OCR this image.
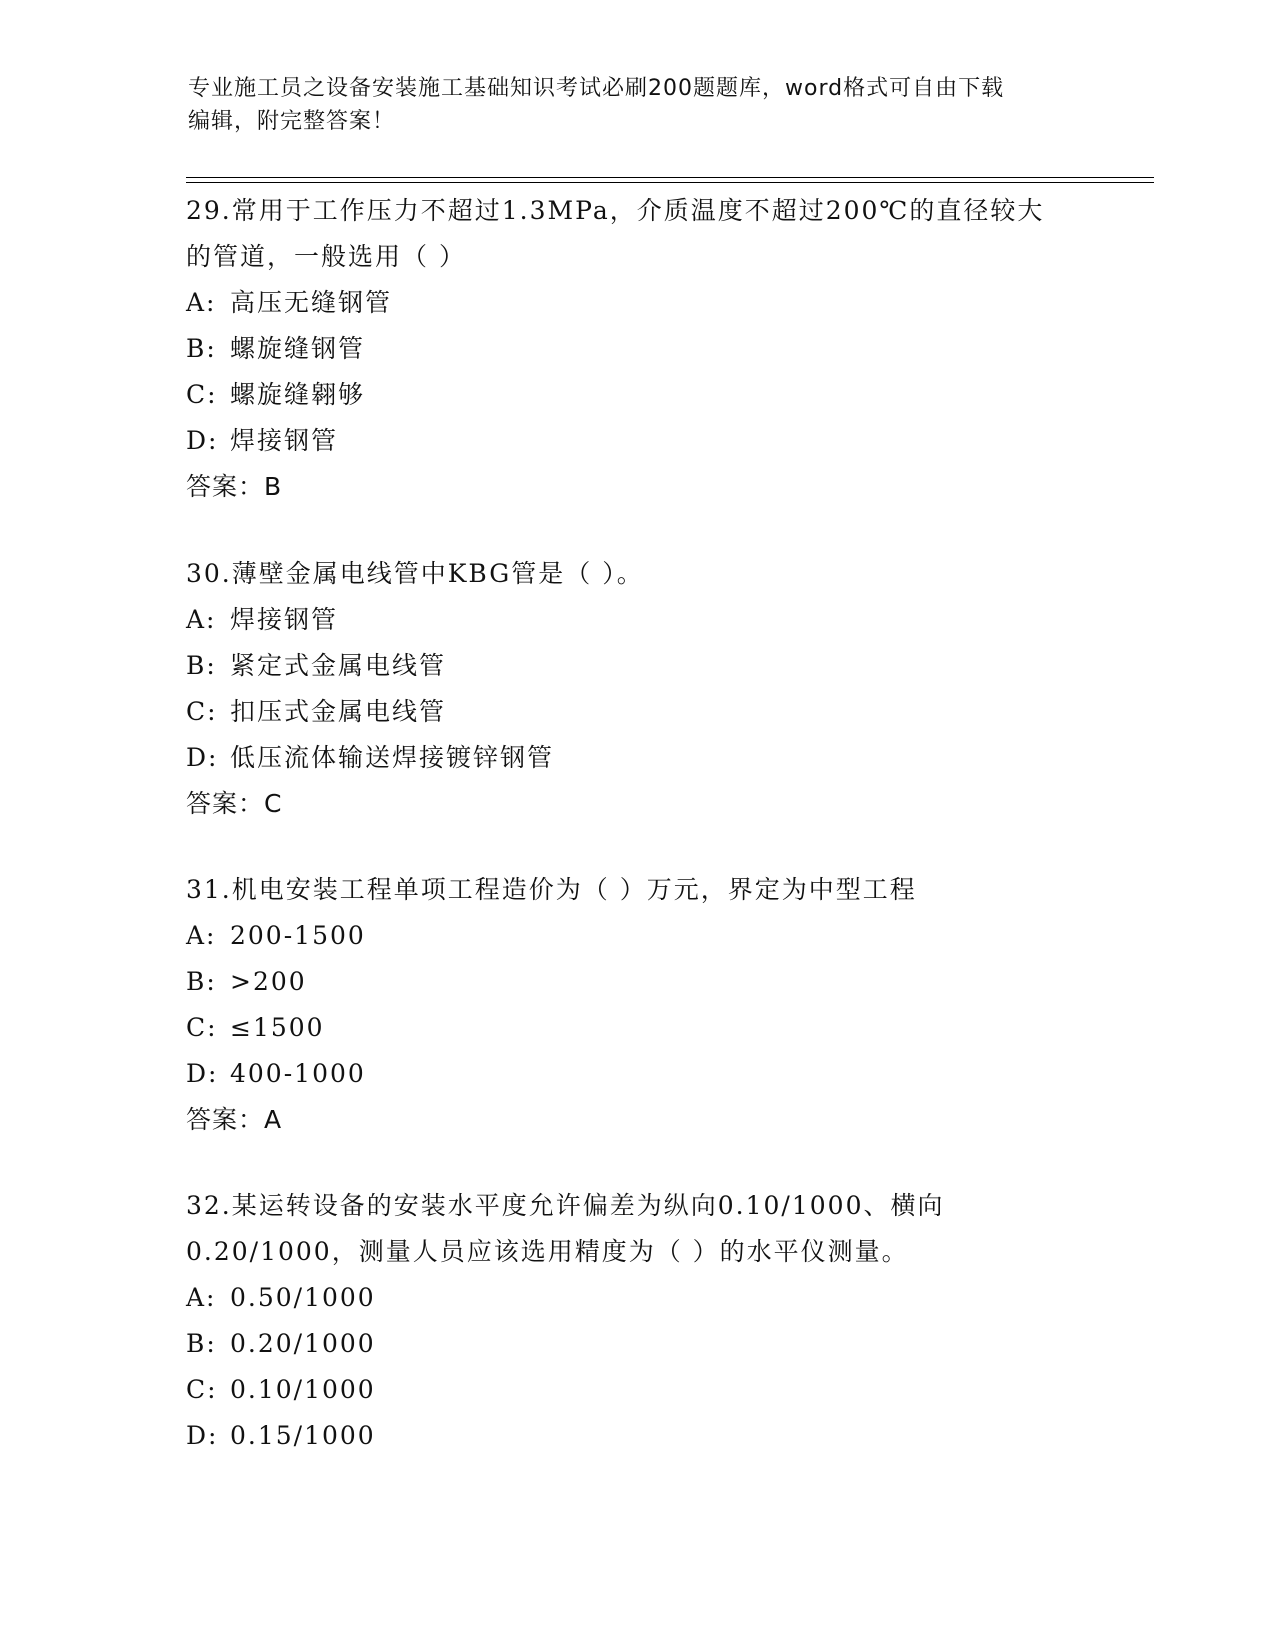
专业施工员之设备安装施工基础知识考试必刷200题题库，word格式可自由下载
编辑，附完整答案！
29.常用于工作压力不超过1.3MPa，介质温度不超过200℃的直径较大
的管道，一般选用（ ）
A: 高压无缝钢管
B: 螺旋缝钢管
C: 螺旋缝翱够
D: 焊接钢管
答案：B
30.薄壁金属电线管中KBG管是（ ）。
A: 焊接钢管
B: 紧定式金属电线管
C: 扣压式金属电线管
D: 低压流体输送焊接镀锌钢管
答案：C
31.机电安装工程单项工程造价为（ ）万元，界定为中型工程
A: 200-1500
B: >200
C: ≤1500
D: 400-1000
答案：A
32.某运转设备的安装水平度允许偏差为纵向0.10/1000、横向
0.20/1000，测量人员应该选用精度为（ ）的水平仪测量。
A: 0.50/1000
B: 0.20/1000
C: 0.10/1000
D: 0.15/1000
